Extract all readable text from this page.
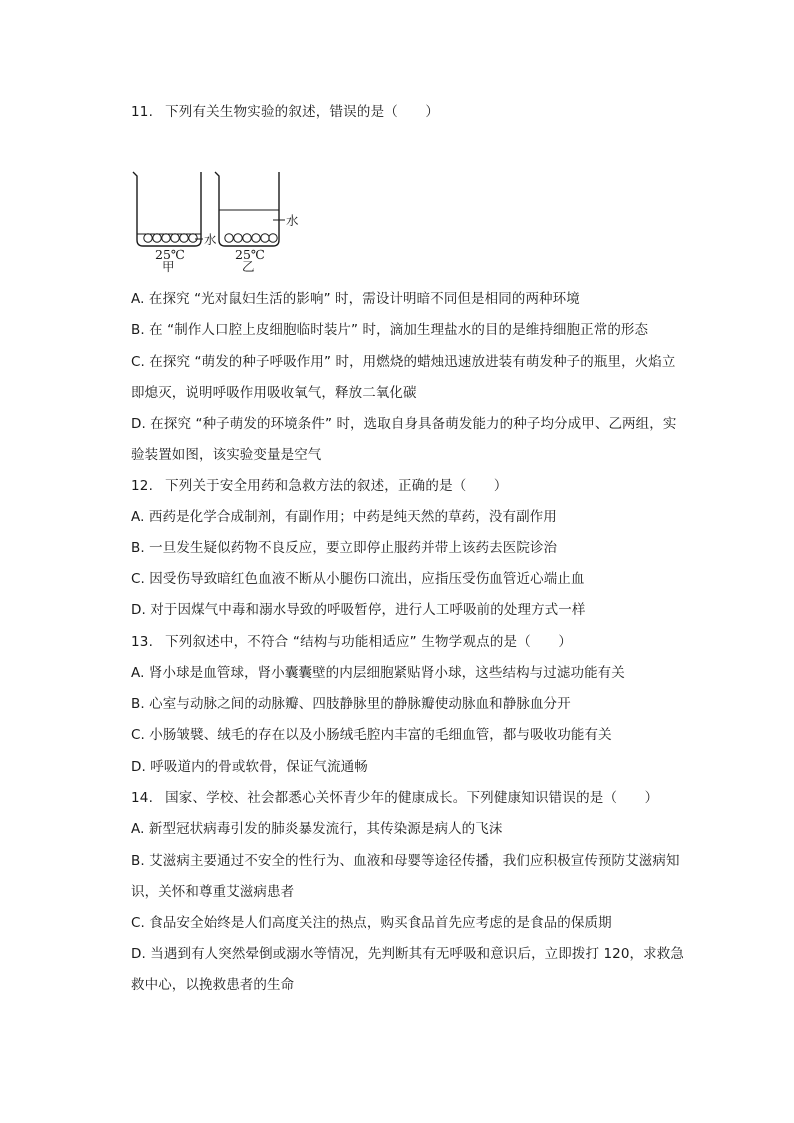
11. 下列有关生物实验的叙述，错误的是（　　）
水
25℃
甲
水
25℃
乙
A. 在探究 “光对鼠妇生活的影响” 时，需设计明暗不同但是相同的两种环境
B. 在 “制作人口腔上皮细胞临时装片” 时，滴加生理盐水的目的是维持细胞正常的形态
C. 在探究 “萌发的种子呼吸作用” 时，用燃烧的蜡烛迅速放进装有萌发种子的瓶里，火焰立
即熄灭，说明呼吸作用吸收氧气，释放二氧化碳
D. 在探究 “种子萌发的环境条件” 时，选取自身具备萌发能力的种子均分成甲、乙两组，实
验装置如图，该实验变量是空气
12. 下列关于安全用药和急救方法的叙述，正确的是（　　）
A. 西药是化学合成制剂，有副作用；中药是纯天然的草药，没有副作用
B. 一旦发生疑似药物不良反应，要立即停止服药并带上该药去医院诊治
C. 因受伤导致暗红色血液不断从小腿伤口流出，应指压受伤血管近心端止血
D. 对于因煤气中毒和溺水导致的呼吸暂停，进行人工呼吸前的处理方式一样
13. 下列叙述中，不符合 “结构与功能相适应” 生物学观点的是（　　）
A. 肾小球是血管球，肾小囊囊壁的内层细胞紧贴肾小球，这些结构与过滤功能有关
B. 心室与动脉之间的动脉瓣、四肢静脉里的静脉瓣使动脉血和静脉血分开
C. 小肠皱襞、绒毛的存在以及小肠绒毛腔内丰富的毛细血管，都与吸收功能有关
D. 呼吸道内的骨或软骨，保证气流通畅
14. 国家、学校、社会都悉心关怀青少年的健康成长。下列健康知识错误的是（　　）
A. 新型冠状病毒引发的肺炎暴发流行，其传染源是病人的飞沫
B. 艾滋病主要通过不安全的性行为、血液和母婴等途径传播，我们应积极宣传预防艾滋病知
识，关怀和尊重艾滋病患者
C. 食品安全始终是人们高度关注的热点，购买食品首先应考虑的是食品的保质期
D. 当遇到有人突然晕倒或溺水等情况，先判断其有无呼吸和意识后，立即拨打 120，求救急
救中心，以挽救患者的生命
